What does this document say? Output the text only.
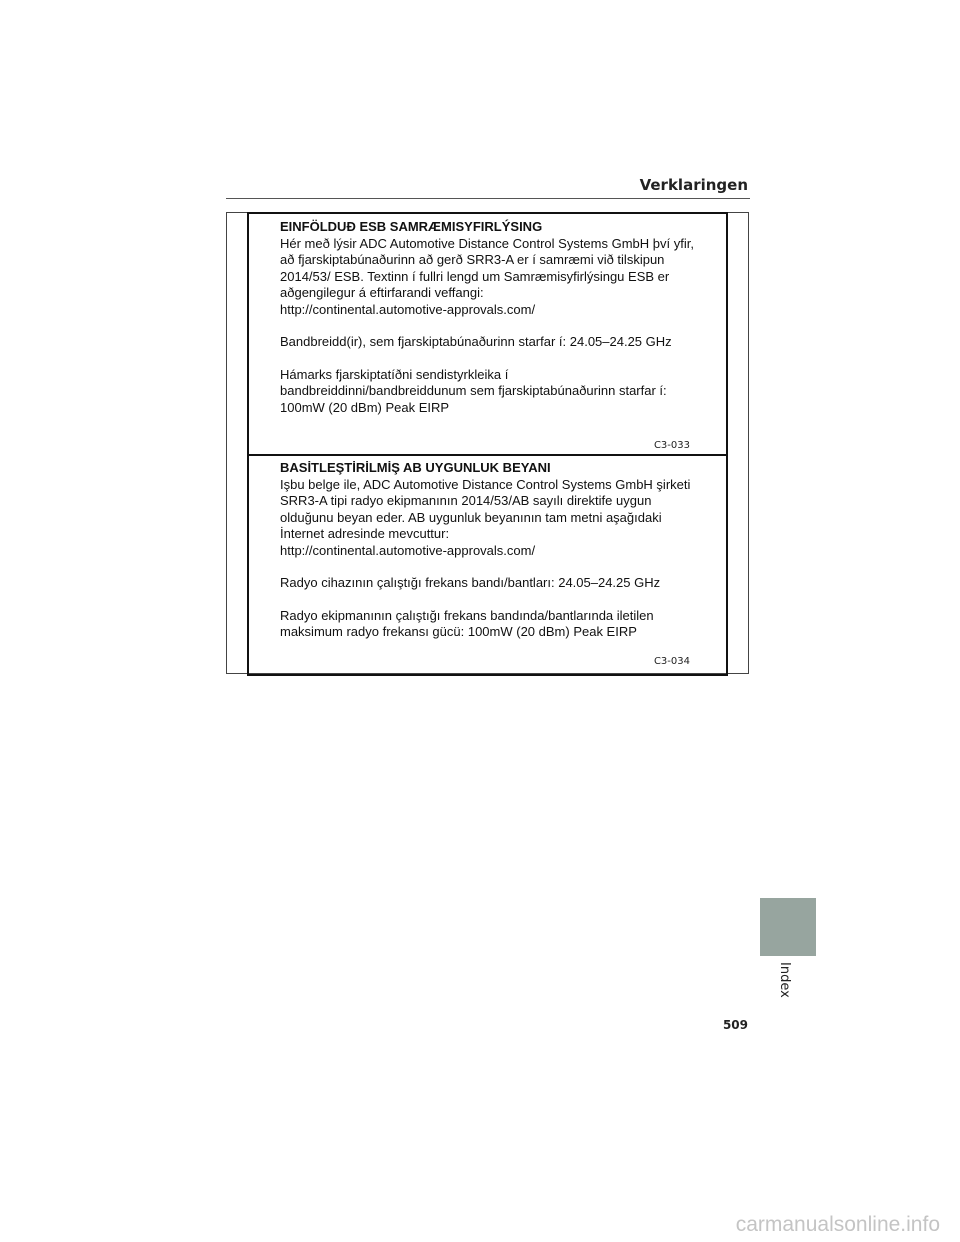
Verklaringen
EINFÖLDUÐ ESB SAMRÆMISYFIRLÝSING
Hér með lýsir ADC Automotive Distance Control Systems GmbH því yfir,
að fjarskiptabúnaðurinn að gerð SRR3-A er í samræmi við tilskipun
2014/53/ ESB. Textinn í fullri lengd um Samræmisyfirlýsingu ESB er
aðgengilegur á eftirfarandi veffangi:
http://continental.automotive-approvals.com/
Bandbreidd(ir), sem fjarskiptabúnaðurinn starfar í: 24.05–24.25 GHz
Hámarks fjarskiptatíðni sendistyrkleika í
bandbreiddinni/bandbreiddunum sem fjarskiptabúnaðurinn starfar í:
100mW (20 dBm) Peak EIRP
C3-033
BASİTLEŞTİRİLMİŞ AB UYGUNLUK BEYANI
Işbu belge ile, ADC Automotive Distance Control Systems GmbH şirketi
SRR3-A tipi radyo ekipmanının 2014/53/AB sayılı direktife uygun
olduğunu beyan eder. AB uygunluk beyanının tam metni aşağıdaki
İnternet adresinde mevcuttur:
http://continental.automotive-approvals.com/
Radyo cihazının çalıştığı frekans bandı/bantları: 24.05–24.25 GHz
Radyo ekipmanının çalıştığı frekans bandında/bantlarında iletilen
maksimum radyo frekansı gücü: 100mW (20 dBm) Peak EIRP
C3-034
Index
509
carmanualsonline.info
